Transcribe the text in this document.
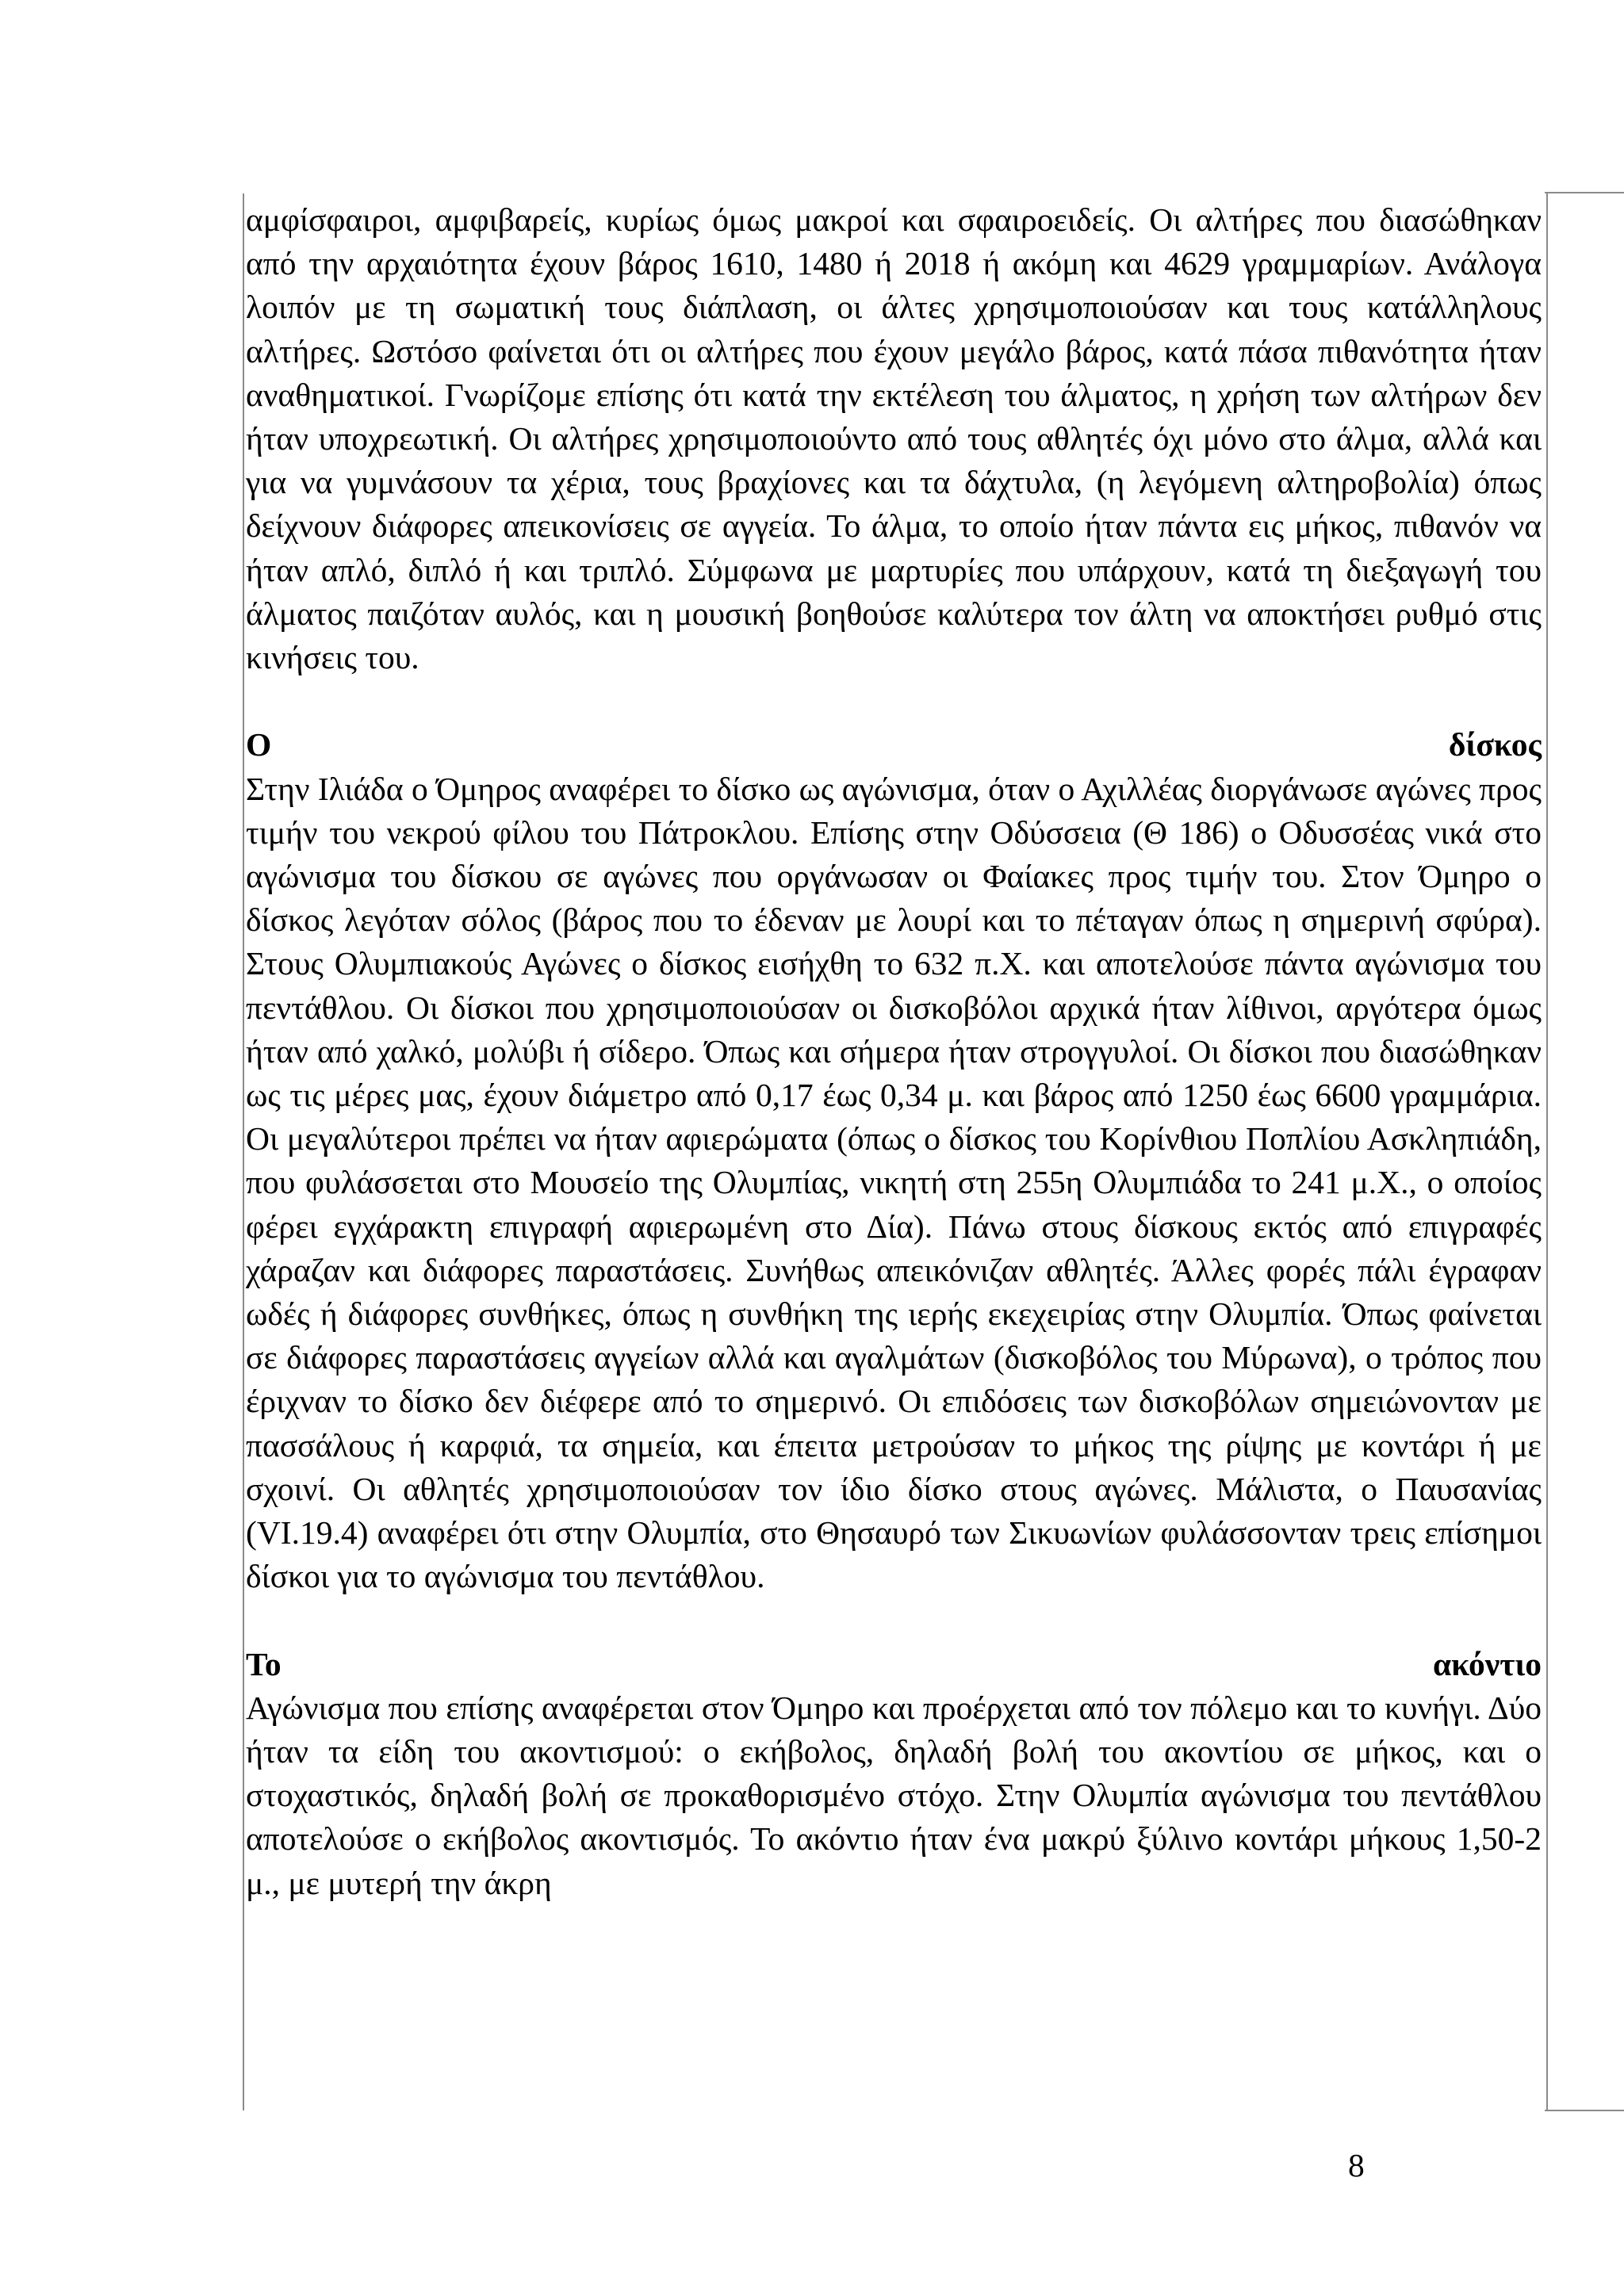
αμφίσφαιροι, αμφιβαρείς, κυρίως όμως μακροί και σφαιροειδείς. Οι αλτήρες που διασώθηκαν από την αρχαιότητα έχουν βάρος 1610, 1480 ή 2018 ή ακόμη και 4629 γραμμαρίων. Ανάλογα λοιπόν με τη σωματική τους διάπλαση, οι άλτες χρησιμοποιούσαν και τους κατάλληλους αλτήρες. Ωστόσο φαίνεται ότι οι αλτήρες που έχουν μεγάλο βάρος, κατά πάσα πιθανότητα ήταν αναθηματικοί. Γνωρίζομε επίσης ότι κατά την εκτέλεση του άλματος, η χρήση των αλτήρων δεν ήταν υποχρεωτική. Οι αλτήρες χρησιμοποιούντο από τους αθλητές όχι μόνο στο άλμα, αλλά και για να γυμνάσουν τα χέρια, τους βραχίονες και τα δάχτυλα, (η λεγόμενη αλτηροβολία) όπως δείχνουν διάφορες απεικονίσεις σε αγγεία. Το άλμα, το οποίο ήταν πάντα εις μήκος, πιθανόν να ήταν απλό, διπλό ή και τριπλό. Σύμφωνα με μαρτυρίες που υπάρχουν, κατά τη διεξαγωγή του άλματος παιζόταν αυλός, και η μουσική βοηθούσε καλύτερα τον άλτη να αποκτήσει ρυθμό στις κινήσεις του.

Ο	δίσκος

Στην Ιλιάδα ο Όμηρος αναφέρει το δίσκο ως αγώνισμα, όταν ο Αχιλλέας διοργάνωσε αγώνες προς τιμήν του νεκρού φίλου του Πάτροκλου. Επίσης στην Οδύσσεια (Θ 186) ο Οδυσσέας νικά στο αγώνισμα του δίσκου σε αγώνες που οργάνωσαν οι Φαίακες προς τιμήν του. Στον Όμηρο ο δίσκος λεγόταν σόλος (βάρος που το έδεναν με λουρί και το πέταγαν όπως η σημερινή σφύρα). Στους Ολυμπιακούς Αγώνες ο δίσκος εισήχθη το 632 π.Χ. και αποτελούσε πάντα αγώνισμα του πεντάθλου. Οι δίσκοι που χρησιμοποιούσαν οι δισκοβόλοι αρχικά ήταν λίθινοι, αργότερα όμως ήταν από χαλκό, μολύβι ή σίδερο. Όπως και σήμερα ήταν στρογγυλοί. Οι δίσκοι που διασώθηκαν ως τις μέρες μας, έχουν διάμετρο από 0,17 έως 0,34 μ. και βάρος από 1250 έως 6600 γραμμάρια. Οι μεγαλύτεροι πρέπει να ήταν αφιερώματα (όπως ο δίσκος του Κορίνθιου Ποπλίου Ασκληπιάδη, που φυλάσσεται στο Μουσείο της Ολυμπίας, νικητή στη 255η Ολυμπιάδα το 241 μ.Χ., ο οποίος φέρει εγχάρακτη επιγραφή αφιερωμένη στο Δία). Πάνω στους δίσκους εκτός από επιγραφές χάραζαν και διάφορες παραστάσεις. Συνήθως απεικόνιζαν αθλητές. Άλλες φορές πάλι έγραφαν ωδές ή διάφορες συνθήκες, όπως η συνθήκη της ιερής εκεχειρίας στην Ολυμπία. Όπως φαίνεται σε διάφορες παραστάσεις αγγείων αλλά και αγαλμάτων (δισκοβόλος του Μύρωνα), ο τρόπος που έριχναν το δίσκο δεν διέφερε από το σημερινό. Οι επιδόσεις των δισκοβόλων σημειώνονταν με πασσάλους ή καρφιά, τα σημεία, και έπειτα μετρούσαν το μήκος της ρίψης με κοντάρι ή με σχοινί. Οι αθλητές χρησιμοποιούσαν τον ίδιο δίσκο στους αγώνες. Μάλιστα, ο Παυσανίας (VI.19.4) αναφέρει ότι στην Ολυμπία, στο Θησαυρό των Σικυωνίων φυλάσσονταν τρεις επίσημοι δίσκοι για το αγώνισμα του πεντάθλου.

Το	ακόντιο

Αγώνισμα που επίσης αναφέρεται στον Όμηρο και προέρχεται από τον πόλεμο και το κυνήγι. Δύο ήταν τα είδη του ακοντισμού: ο εκήβολος, δηλαδή βολή του ακοντίου σε μήκος, και ο στοχαστικός, δηλαδή βολή σε προκαθορισμένο στόχο. Στην Ολυμπία αγώνισμα του πεντάθλου αποτελούσε ο εκήβολος ακοντισμός. Το ακόντιο ήταν ένα μακρύ ξύλινο κοντάρι μήκους 1,50-2 μ., με μυτερή την άκρη

8
